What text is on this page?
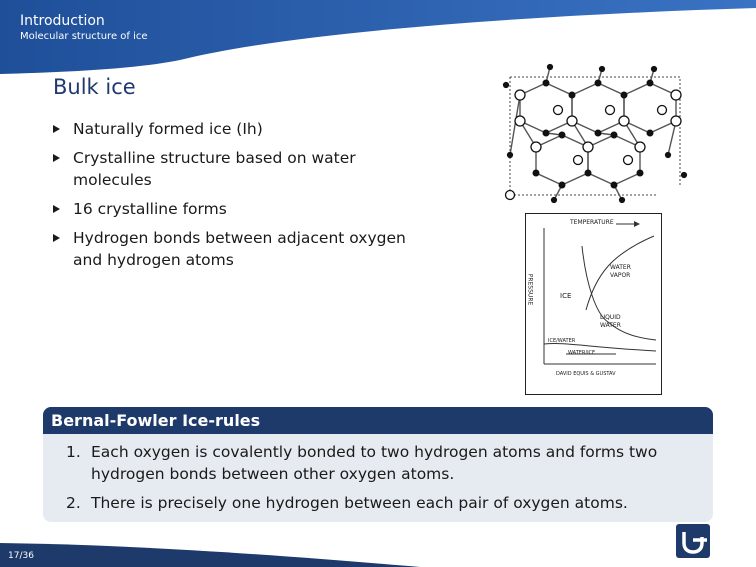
Introduction
Molecular structure of ice
Bulk ice
Naturally formed ice (Ih)
Crystalline structure based on water molecules
16 crystalline forms
Hydrogen bonds between adjacent oxygen and hydrogen atoms
TEMPERATURE
PRESSURE	ICE
WATER VAPOR
LIQUID WATER
ICE/WATER
WATER/ICE
DAVID EQUIS & GUSTAV
Bernal-Fowler Ice-rules
1. Each oxygen is covalently bonded to two hydrogen atoms and forms two hydrogen bonds between other oxygen atoms.
2. There is precisely one hydrogen between each pair of oxygen atoms.
17/36
